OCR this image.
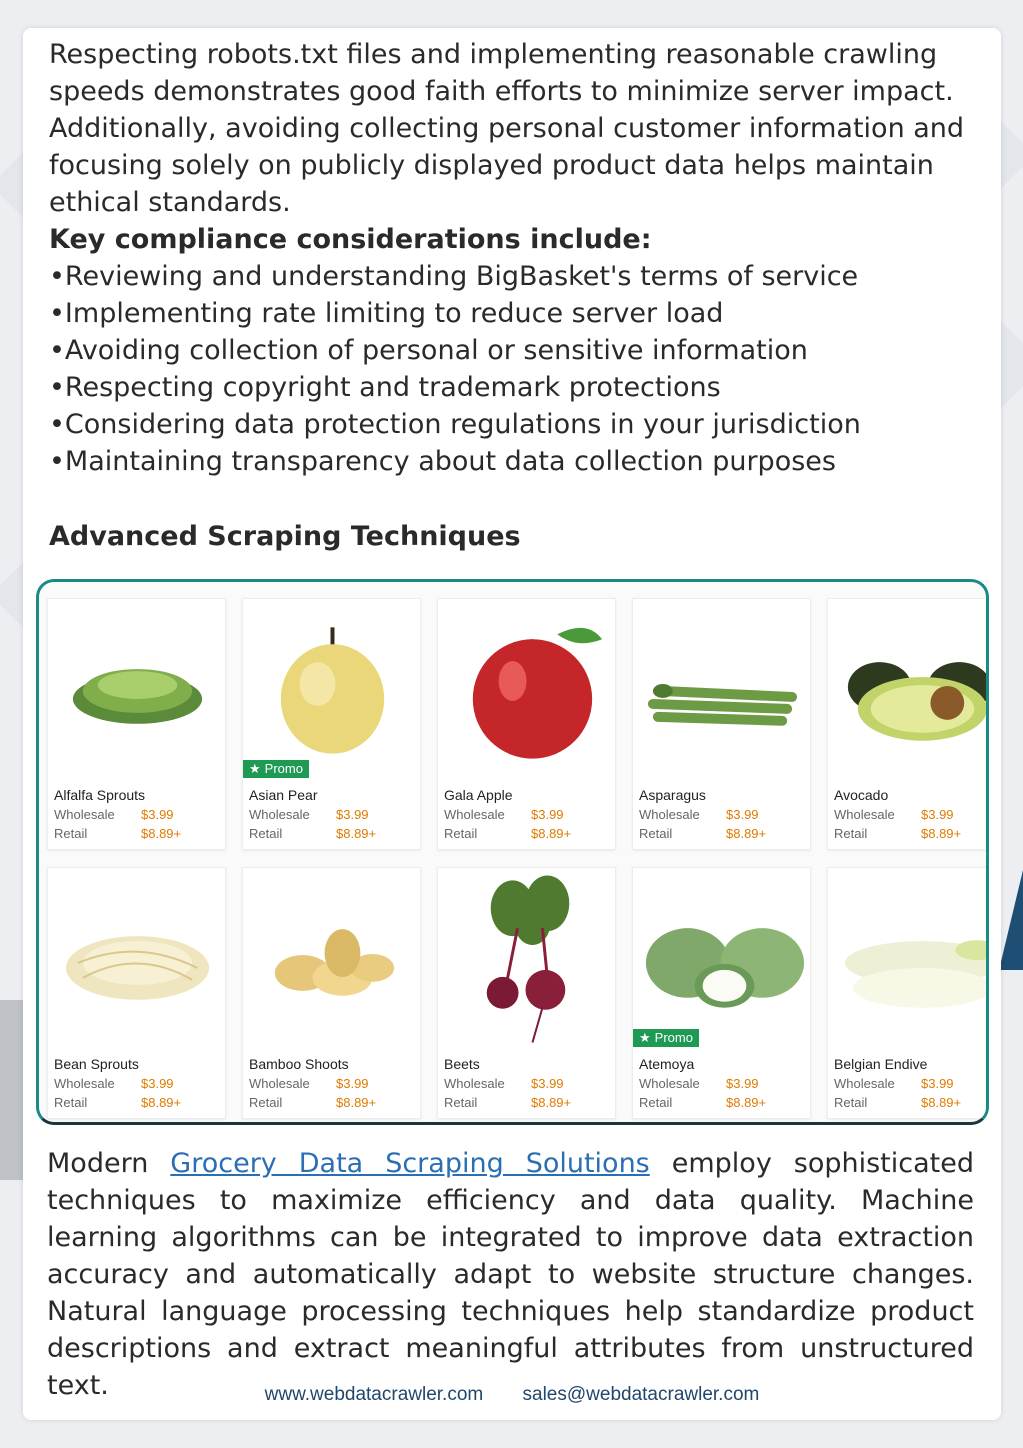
Respecting robots.txt files and implementing reasonable crawling speeds demonstrates good faith efforts to minimize server impact. Additionally, avoiding collecting personal customer information and focusing solely on publicly displayed product data helps maintain ethical standards.

Key compliance considerations include:
•Reviewing and understanding BigBasket's terms of service
•Implementing rate limiting to reduce server load
•Avoiding collection of personal or sensitive information
•Respecting copyright and trademark protections
•Considering data protection regulations in your jurisdiction
•Maintaining transparency about data collection purposes
Advanced Scraping Techniques
Alfalfa Sprouts
Wholesale $3.99
Retail	$8.89+
★ Promo
Asian Pear
Wholesale $3.99
Retail	$8.89+
Gala Apple
Wholesale $3.99
Retail	$8.89+
Asparagus
Wholesale $3.99
Retail	$8.89+
Avocado
Wholesale $3.99
Retail	$8.89+
Bean Sprouts
Wholesale $3.99
Retail	$8.89+
Bamboo Shoots
Wholesale $3.99
Retail	$8.89+
Beets
Wholesale $3.99
Retail	$8.89+
★ Promo
Atemoya
Wholesale $3.99
Retail	$8.89+
Belgian Endive
Wholesale $3.99
Retail	$8.89+

Modern Grocery Data Scraping Solutions employ sophisticated techniques to maximize efficiency and data quality. Machine learning algorithms can be integrated to improve data extraction accuracy and automatically adapt to website structure changes. Natural language processing techniques help standardize product descriptions and extract meaningful attributes from unstructured text.	www.webdatacrawler.com sales@webdatacrawler.com
